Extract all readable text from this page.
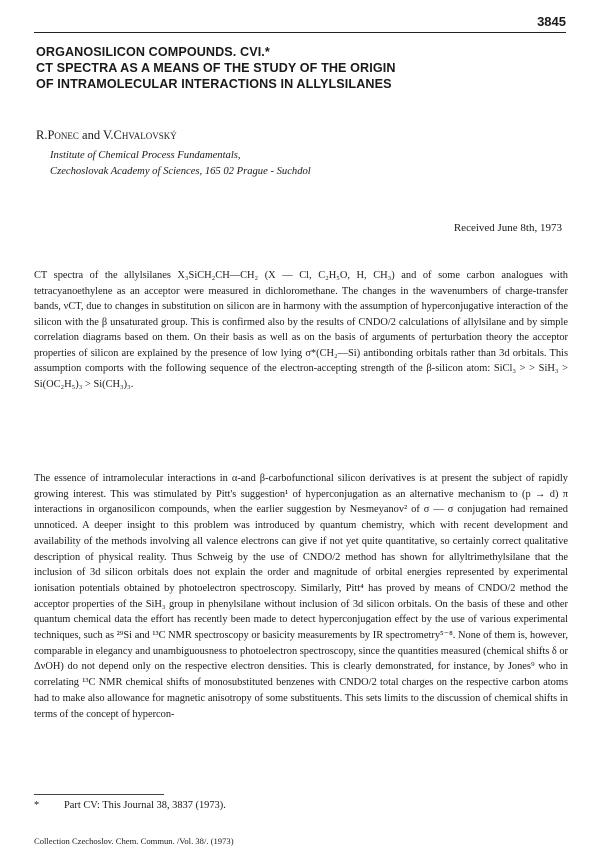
3845
ORGANOSILICON COMPOUNDS. CVI.*
CT SPECTRA AS A MEANS OF THE STUDY OF THE ORIGIN
OF INTRAMOLECULAR INTERACTIONS IN ALLYLSILANES
R.Ponec and V.Chvalovský
Institute of Chemical Process Fundamentals,
Czechoslovak Academy of Sciences, 165 02 Prague - Suchdol
Received June 8th, 1973
CT spectra of the allylsilanes X₃SiCH₂CH—CH₂ (X — Cl, C₂H₅O, H, CH₃) and of some carbon analogues with tetracyanoethylene as an acceptor were measured in dichloromethane. The changes in the wavenumbers of charge-transfer bands, νCT, due to changes in substitution on silicon are in harmony with the assumption of hyperconjugative interaction of the silicon with the β unsaturated group. This is confirmed also by the results of CNDO/2 calculations of allylsilane and by simple correlation diagrams based on them. On their basis as well as on the basis of arguments of perturbation theory the acceptor properties of silicon are explained by the presence of low lying σ*(CH₂—Si) antibonding orbitals rather than 3d orbitals. This assumption comports with the following sequence of the electron-accepting strength of the β-silicon atom: SiCl₃ > > SiH₃ > Si(OC₂H₅)₃ > Si(CH₃)₃.
The essence of intramolecular interactions in α-and β-carbofunctional silicon derivatives is at present the subject of rapidly growing interest. This was stimulated by Pitt's suggestion¹ of hyperconjugation as an alternative mechanism to (p → d) π interactions in organosilicon compounds, when the earlier suggestion by Nesmeyanov² of σ — σ conjugation had remained unnoticed. A deeper insight to this problem was introduced by quantum chemistry, which with recent development and availability of the methods involving all valence electrons can give if not yet quite quantitative, so certainly correct qualitative description of physical reality. Thus Schweig by the use of CNDO/2 method has shown for allyltrimethylsilane that the inclusion of 3d silicon orbitals does not explain the order and magnitude of orbital energies represented by experimental ionisation potentials obtained by photoelectron spectroscopy. Similarly, Pitt⁴ has proved by means of CNDO/2 method the acceptor properties of the SiH₃ group in phenylsilane without inclusion of 3d silicon orbitals. On the basis of these and other quantum chemical data the effort has recently been made to detect hyperconjugation effect by the use of various experimental techniques, such as ²⁹Si and ¹³C NMR spectroscopy or basicity measurements by IR spectrometry⁵⁻⁸. None of them is, however, comparable in elegancy and unambiguousness to photoelectron spectroscopy, since the quantities measured (chemical shifts δ or ΔνOH) do not depend only on the respective electron densities. This is clearly demonstrated, for instance, by Jones⁹ who in correlating ¹³C NMR chemical shifts of monosubstituted benzenes with CNDO/2 total charges on the respective carbon atoms had to make also allowance for magnetic anisotropy of some substituents. This sets limits to the discussion of chemical shifts in terms of the concept of hypercon-
* Part CV: This Journal 38, 3837 (1973).
Collection Czechoslov. Chem. Commun. /Vol. 38/. (1973)
